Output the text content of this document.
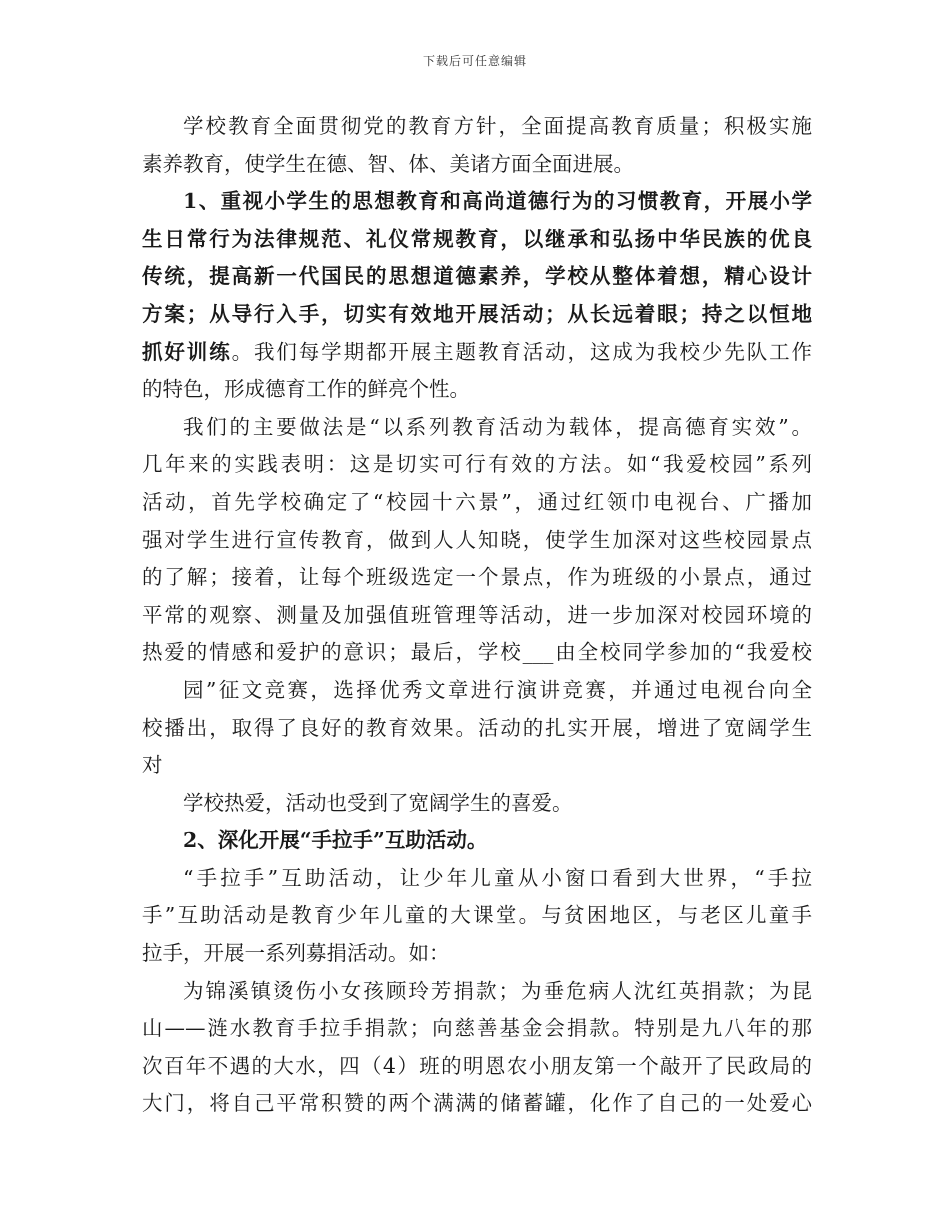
下载后可任意编辑
学校教育全面贯彻党的教育方针，全面提高教育质量；积极实施
素养教育，使学生在德、智、体、美诸方面全面进展。
1、重视小学生的思想教育和高尚道德行为的习惯教育，开展小学
生日常行为法律规范、礼仪常规教育，以继承和弘扬中华民族的优良
传统，提高新一代国民的思想道德素养，学校从整体着想，精心设计
方案；从导行入手，切实有效地开展活动；从长远着眼；持之以恒地
抓好训练。我们每学期都开展主题教育活动，这成为我校少先队工作
的特色，形成德育工作的鲜亮个性。
我们的主要做法是“以系列教育活动为载体，提高德育实效”。
几年来的实践表明：这是切实可行有效的方法。如“我爱校园”系列
活动，首先学校确定了“校园十六景”，通过红领巾电视台、广播加
强对学生进行宣传教育，做到人人知晓，使学生加深对这些校园景点
的了解；接着，让每个班级选定一个景点，作为班级的小景点，通过
平常的观察、测量及加强值班管理等活动，进一步加深对校园环境的
热爱的情感和爱护的意识；最后，学校___由全校同学参加的“我爱校
园”征文竞赛，选择优秀文章进行演讲竞赛，并通过电视台向全
校播出，取得了良好的教育效果。活动的扎实开展，增进了宽阔学生
对
学校热爱，活动也受到了宽阔学生的喜爱。
2、深化开展“手拉手”互助活动。
“手拉手”互助活动，让少年儿童从小窗口看到大世界，“手拉
手”互助活动是教育少年儿童的大课堂。与贫困地区，与老区儿童手
拉手，开展一系列募捐活动。如：
为锦溪镇烫伤小女孩顾玲芳捐款；为垂危病人沈红英捐款；为昆
山——涟水教育手拉手捐款；向慈善基金会捐款。特别是九八年的那
次百年不遇的大水，四（4）班的明恩农小朋友第一个敲开了民政局的
大门，将自己平常积赞的两个满满的储蓄罐，化作了自己的一处爱心
